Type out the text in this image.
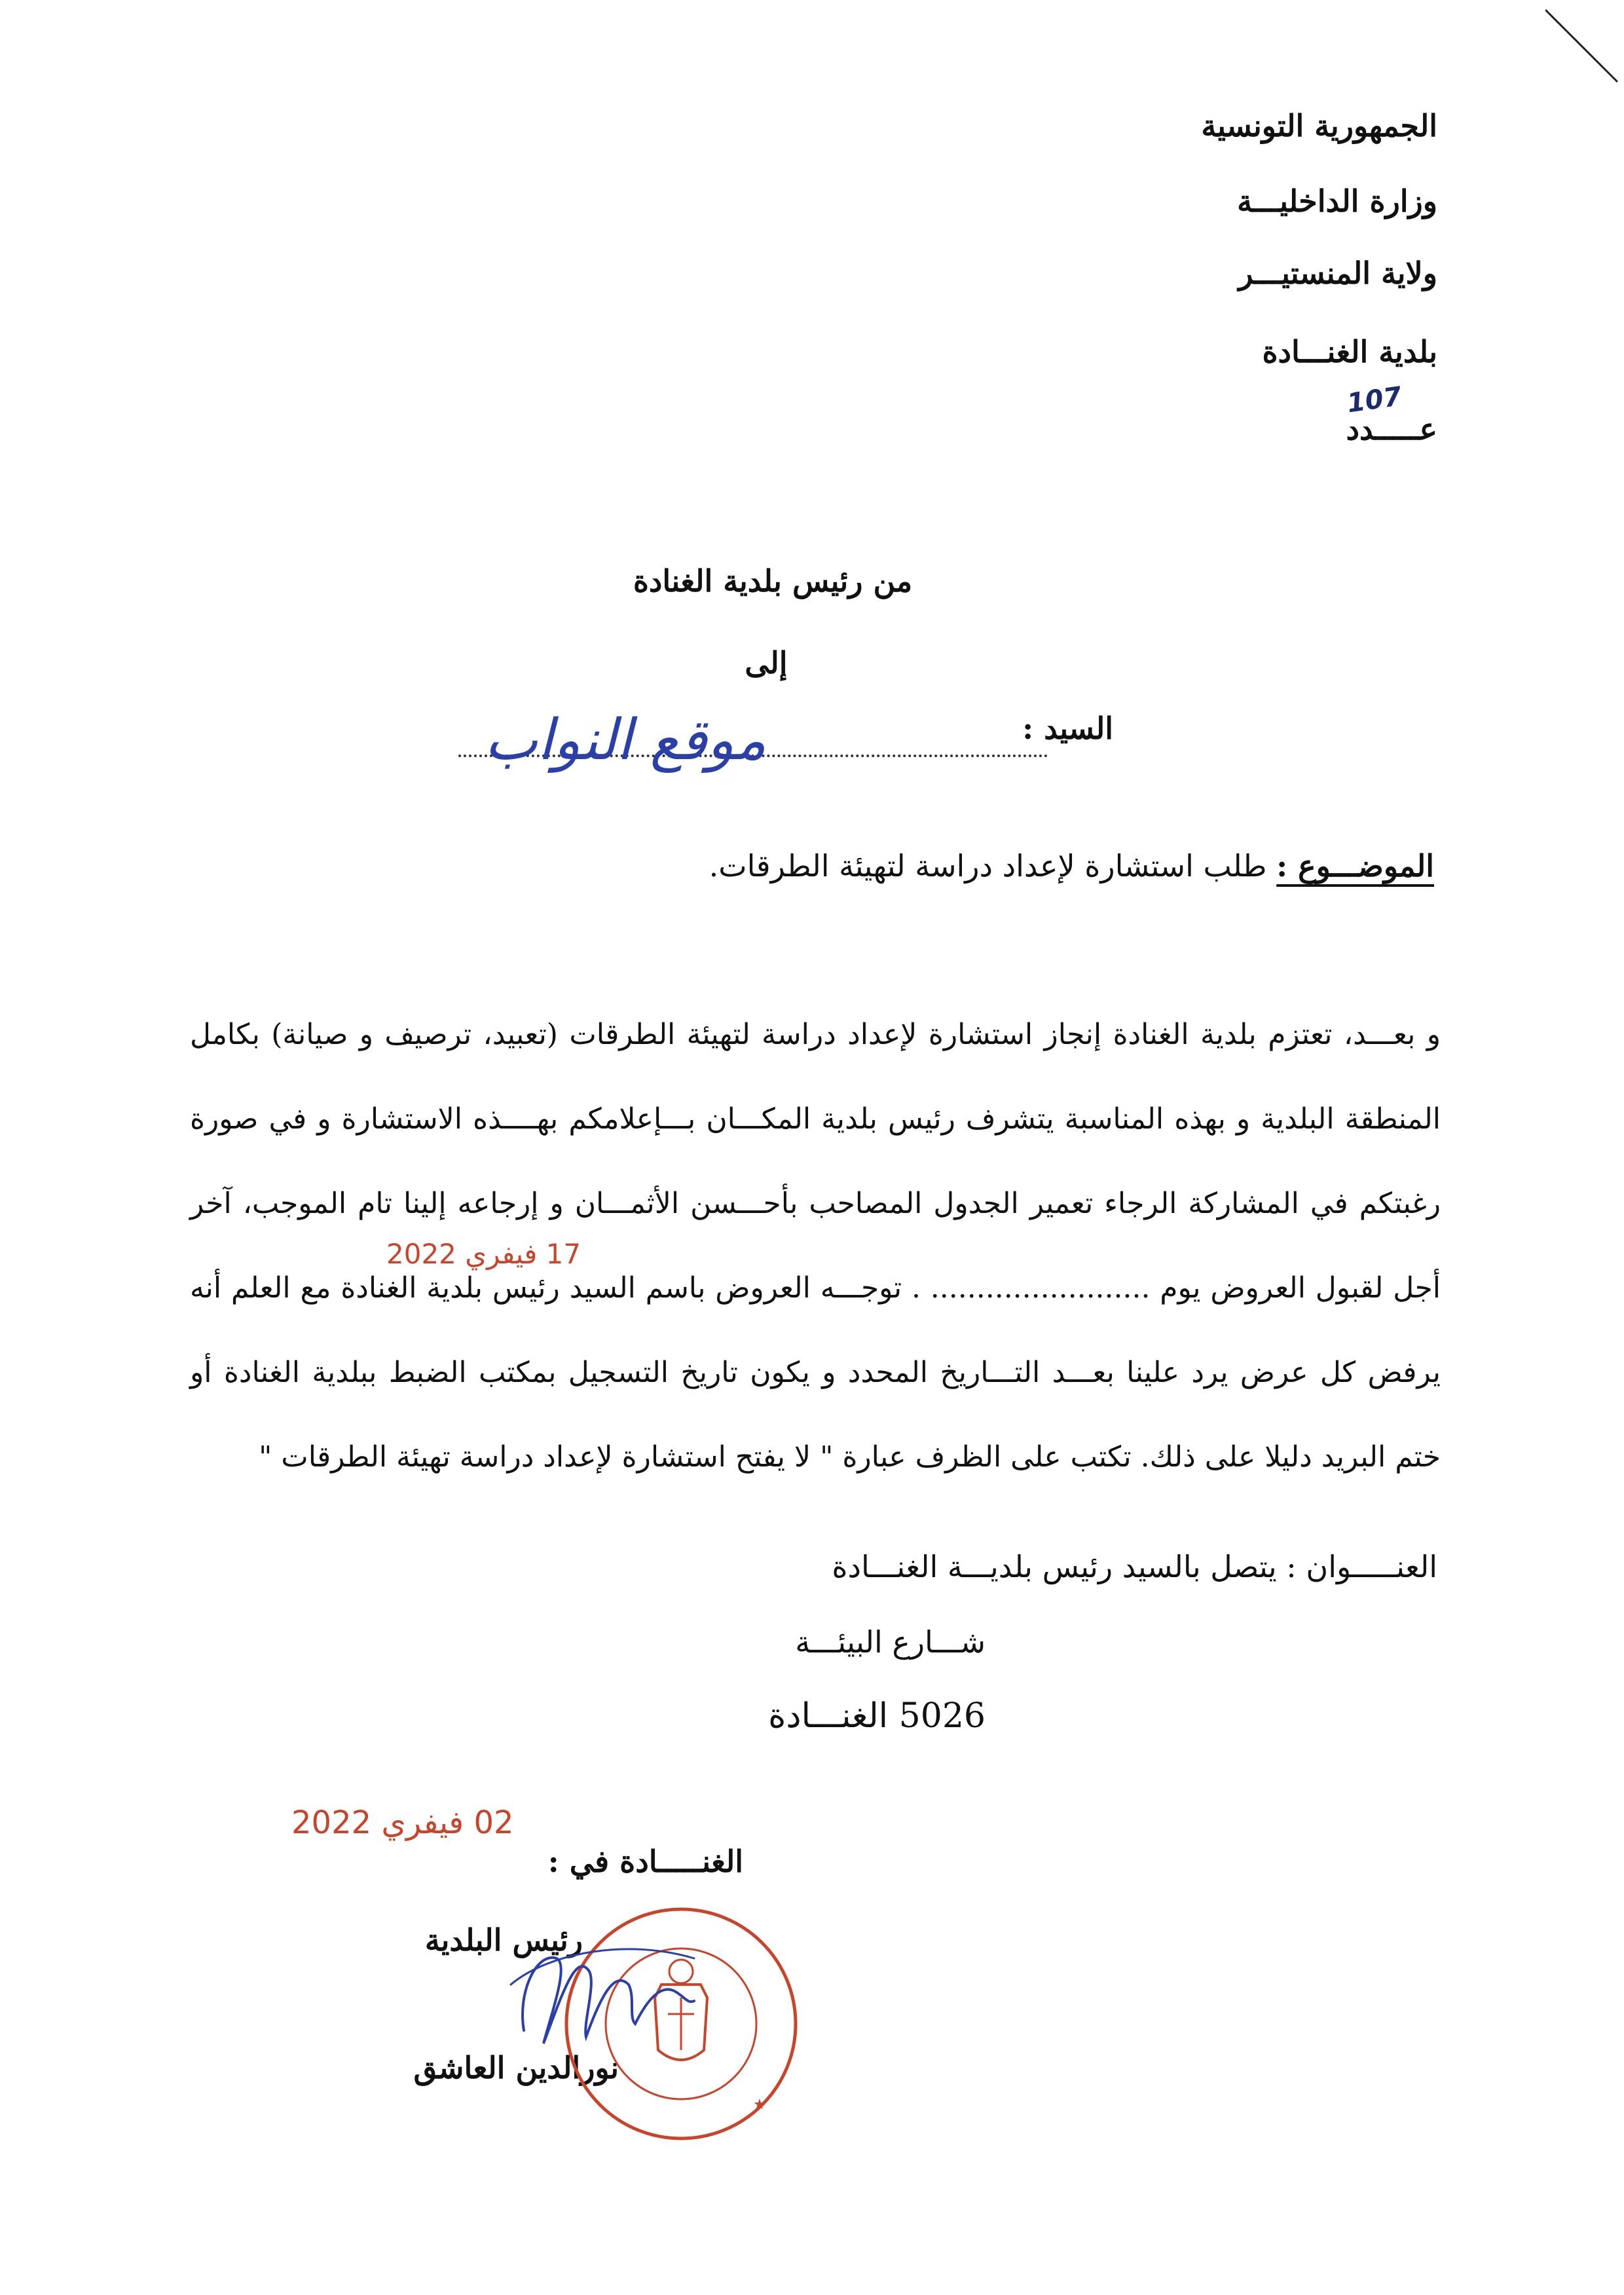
الجمهورية التونسية
وزارة الداخليـــة
ولاية المنستيـــر
بلدية الغنـــادة
عـــــدد
107
من رئيس بلدية الغنادة
إلى
السيد :
موقع النواب
الموضـــوع : طلب استشارة لإعداد دراسة لتهيئة الطرقات.

و بعـــد، تعتزم بلدية الغنادة إنجاز استشارة لإعداد دراسة لتهيئة الطرقات (تعبيد، ترصيف و صيانة) بكامل المنطقة البلدية و بهذه المناسبة يتشرف رئيس بلدية المكـــان بـــإعلامكم بهــــذه الاستشارة و في صورة رغبتكم في المشاركة الرجاء تعمير الجدول المصاحب بأحـــسن الأثمـــان و إرجاعه إلينا تام الموجب، آخر أجل لقبول العروض يوم ........................ . توجـــه العروض باسم السيد رئيس بلدية الغنادة مع العلم أنه يرفض كل عرض يرد علينا بعـــد التـــاريخ المحدد و يكون تاريخ التسجيل بمكتب الضبط ببلدية الغنادة أو ختم البريد دليلا على ذلك. تكتب على الظرف عبارة " لا يفتح استشارة لإعداد دراسة تهيئة الطرقات "

17 فيفري 2022
العنـــــوان : يتصل بالسيد رئيس بلديـــة الغنـــادة
شـــارع البيئـــة
5026 الغنـــادة
02 فيفري 2022
الغنـــــادة في :
رئيس البلدية
نورالدين العاشق
★
